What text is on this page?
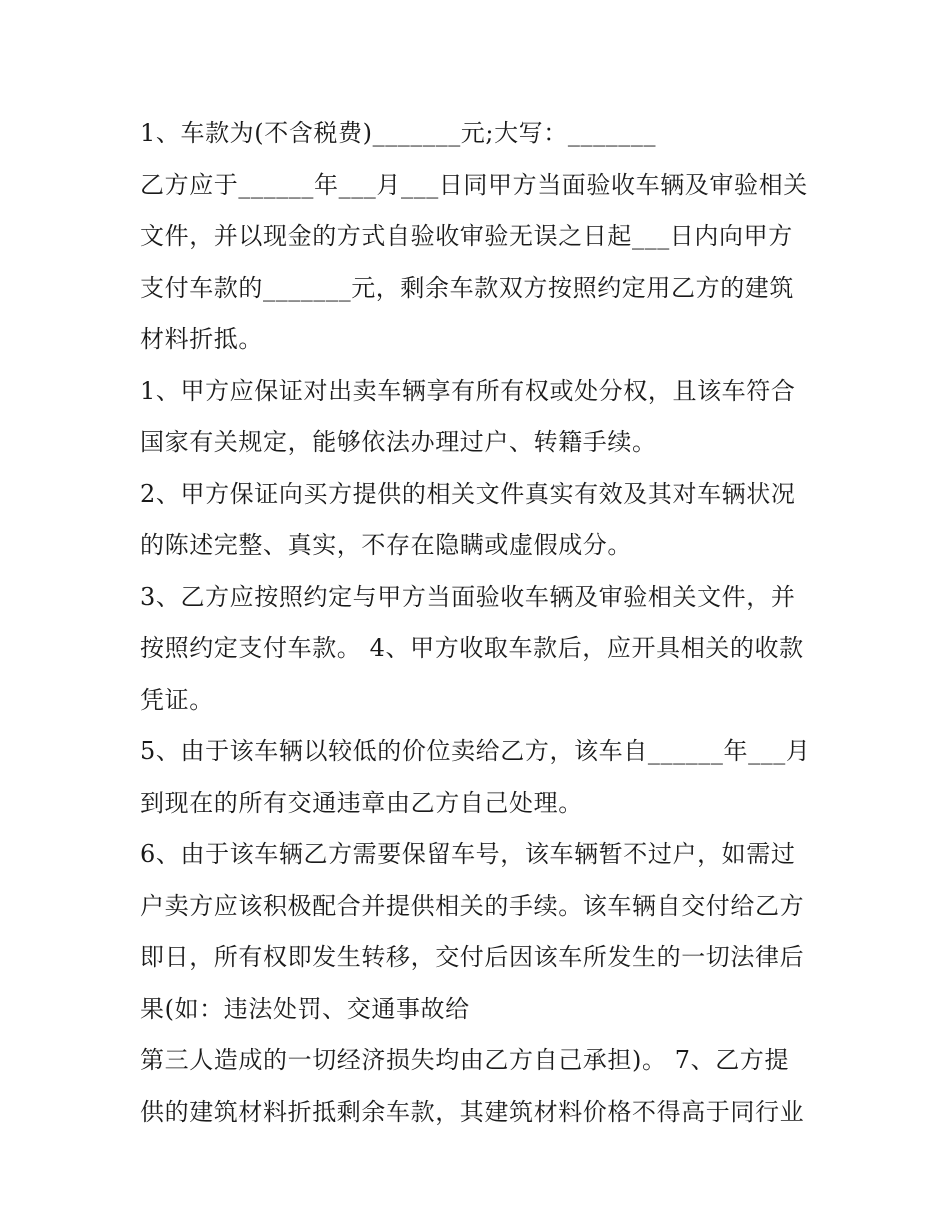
1、车款为(不含税费)_______元;大写：_______
乙方应于______年___月___日同甲方当面验收车辆及审验相关
文件，并以现金的方式自验收审验无误之日起___日内向甲方
支付车款的_______元，剩余车款双方按照约定用乙方的建筑
材料折抵。
1、甲方应保证对出卖车辆享有所有权或处分权，且该车符合
国家有关规定，能够依法办理过户、转籍手续。
2、甲方保证向买方提供的相关文件真实有效及其对车辆状况
的陈述完整、真实，不存在隐瞒或虚假成分。
3、乙方应按照约定与甲方当面验收车辆及审验相关文件，并
按照约定支付车款。 4、甲方收取车款后，应开具相关的收款
凭证。
5、由于该车辆以较低的价位卖给乙方，该车自______年___月
到现在的所有交通违章由乙方自己处理。
6、由于该车辆乙方需要保留车号，该车辆暂不过户，如需过
户卖方应该积极配合并提供相关的手续。该车辆自交付给乙方
即日，所有权即发生转移，交付后因该车所发生的一切法律后
果(如：违法处罚、交通事故给
第三人造成的一切经济损失均由乙方自己承担)。 7、乙方提
供的建筑材料折抵剩余车款，其建筑材料价格不得高于同行业
